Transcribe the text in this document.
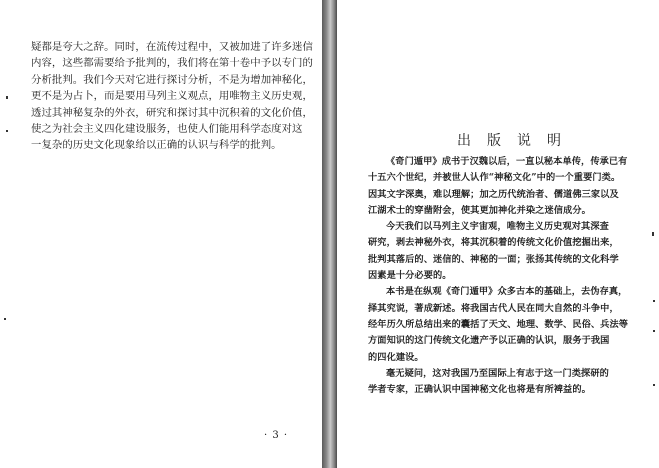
疑都是夸大之辞。同时，在流传过程中，又被加进了许多迷信
内容，这些都需要给予批判的，我们将在第十卷中予以专门的
分析批判。我们今天对它进行探讨分析，不是为增加神秘化，
更不是为占卜，而是要用马列主义观点，用唯物主义历史观，
透过其神秘复杂的外衣，研究和探讨其中沉积着的文化价值，
使之为社会主义四化建设服务，也使人们能用科学态度对这
一复杂的历史文化现象给以正确的认识与科学的批判。
· 3 ·
出版说明
《奇门遁甲》成书于汉魏以后，一直以秘本单传，传承已有
十五六个世纪，并被世人认作“神秘文化”中的一个重要门类。
因其文字深奥，难以理解；加之历代统治者、儒道佛三家以及
江湖术士的穿凿附会，使其更加神化并染之迷信成分。
今天我们以马列主义宇宙观，唯物主义历史观对其深查
研究，剥去神秘外衣，将其沉积着的传统文化价值挖掘出来，
批判其落后的、迷信的、神秘的一面；张扬其传统的文化科学
因素是十分必要的。
本书是在纵观《奇门遁甲》众多古本的基础上，去伪存真，
择其究说，著成新述。将我国古代人民在同大自然的斗争中，
经年历久所总结出来的囊括了天文、地理、数学、民俗、兵法等
方面知识的这门传统文化遗产予以正确的认识，服务于我国
的四化建设。
毫无疑问，这对我国乃至国际上有志于这一门类探研的
学者专家，正确认识中国神秘文化也将是有所裨益的。
